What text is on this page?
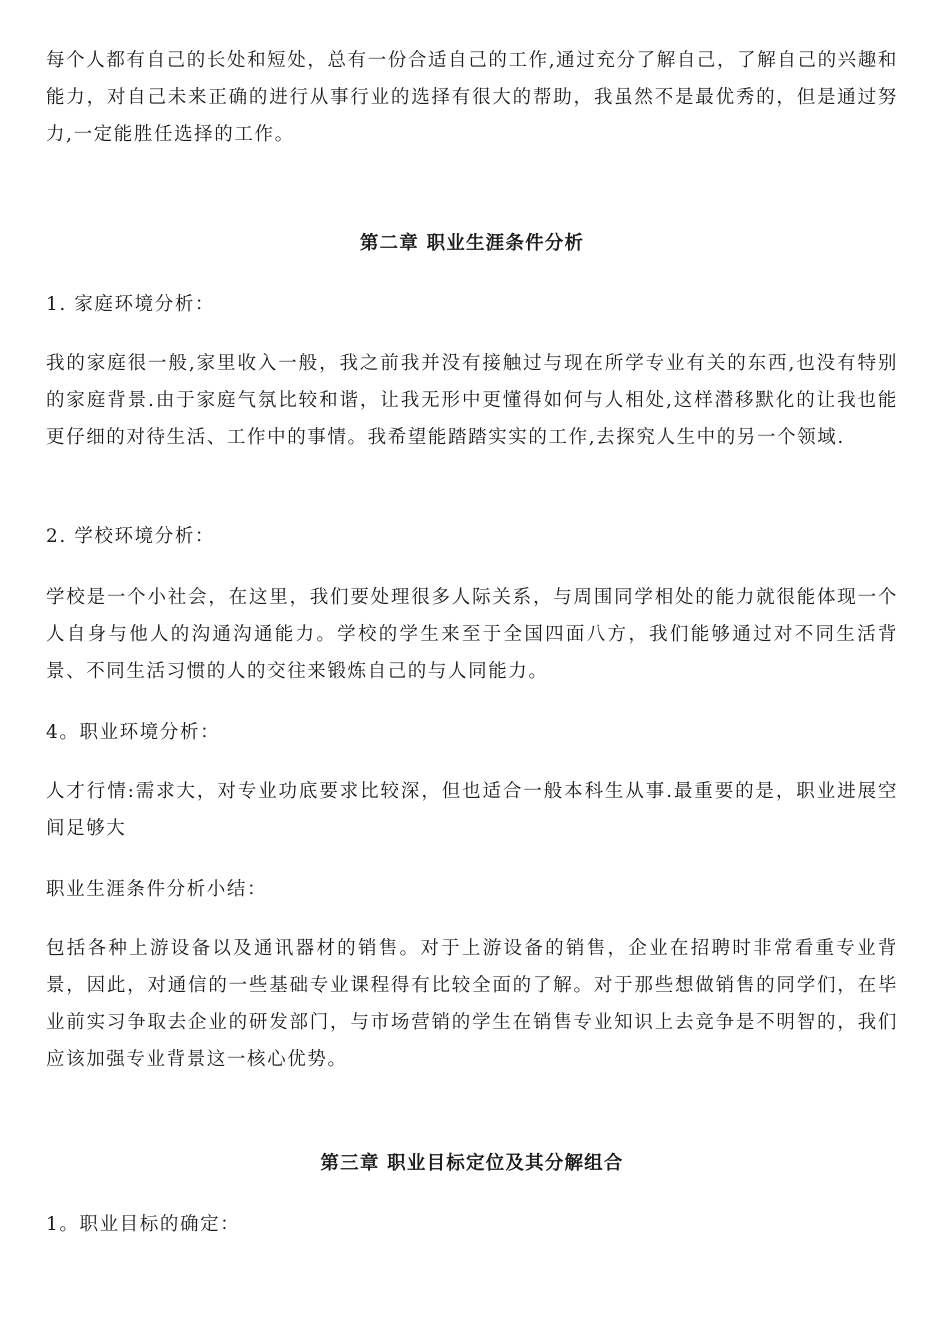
每个人都有自己的长处和短处，总有一份合适自己的工作,通过充分了解自己，了解自己的兴趣和能力，对自己未来正确的进行从事行业的选择有很大的帮助，我虽然不是最优秀的，但是通过努力,一定能胜任选择的工作。

第二章 职业生涯条件分析

1. 家庭环境分析：

我的家庭很一般,家里收入一般，我之前我并没有接触过与现在所学专业有关的东西,也没有特别的家庭背景.由于家庭气氛比较和谐，让我无形中更懂得如何与人相处,这样潜移默化的让我也能更仔细的对待生活、工作中的事情。我希望能踏踏实实的工作,去探究人生中的另一个领域.

2. 学校环境分析：

学校是一个小社会，在这里，我们要处理很多人际关系，与周围同学相处的能力就很能体现一个人自身与他人的沟通沟通能力。学校的学生来至于全国四面八方，我们能够通过对不同生活背景、不同生活习惯的人的交往来锻炼自己的与人同能力。

4。职业环境分析：

人才行情:需求大，对专业功底要求比较深，但也适合一般本科生从事.最重要的是，职业进展空间足够大

职业生涯条件分析小结：

包括各种上游设备以及通讯器材的销售。对于上游设备的销售，企业在招聘时非常看重专业背景，因此，对通信的一些基础专业课程得有比较全面的了解。对于那些想做销售的同学们，在毕业前实习争取去企业的研发部门，与市场营销的学生在销售专业知识上去竞争是不明智的，我们应该加强专业背景这一核心优势。

第三章 职业目标定位及其分解组合

1。职业目标的确定：
